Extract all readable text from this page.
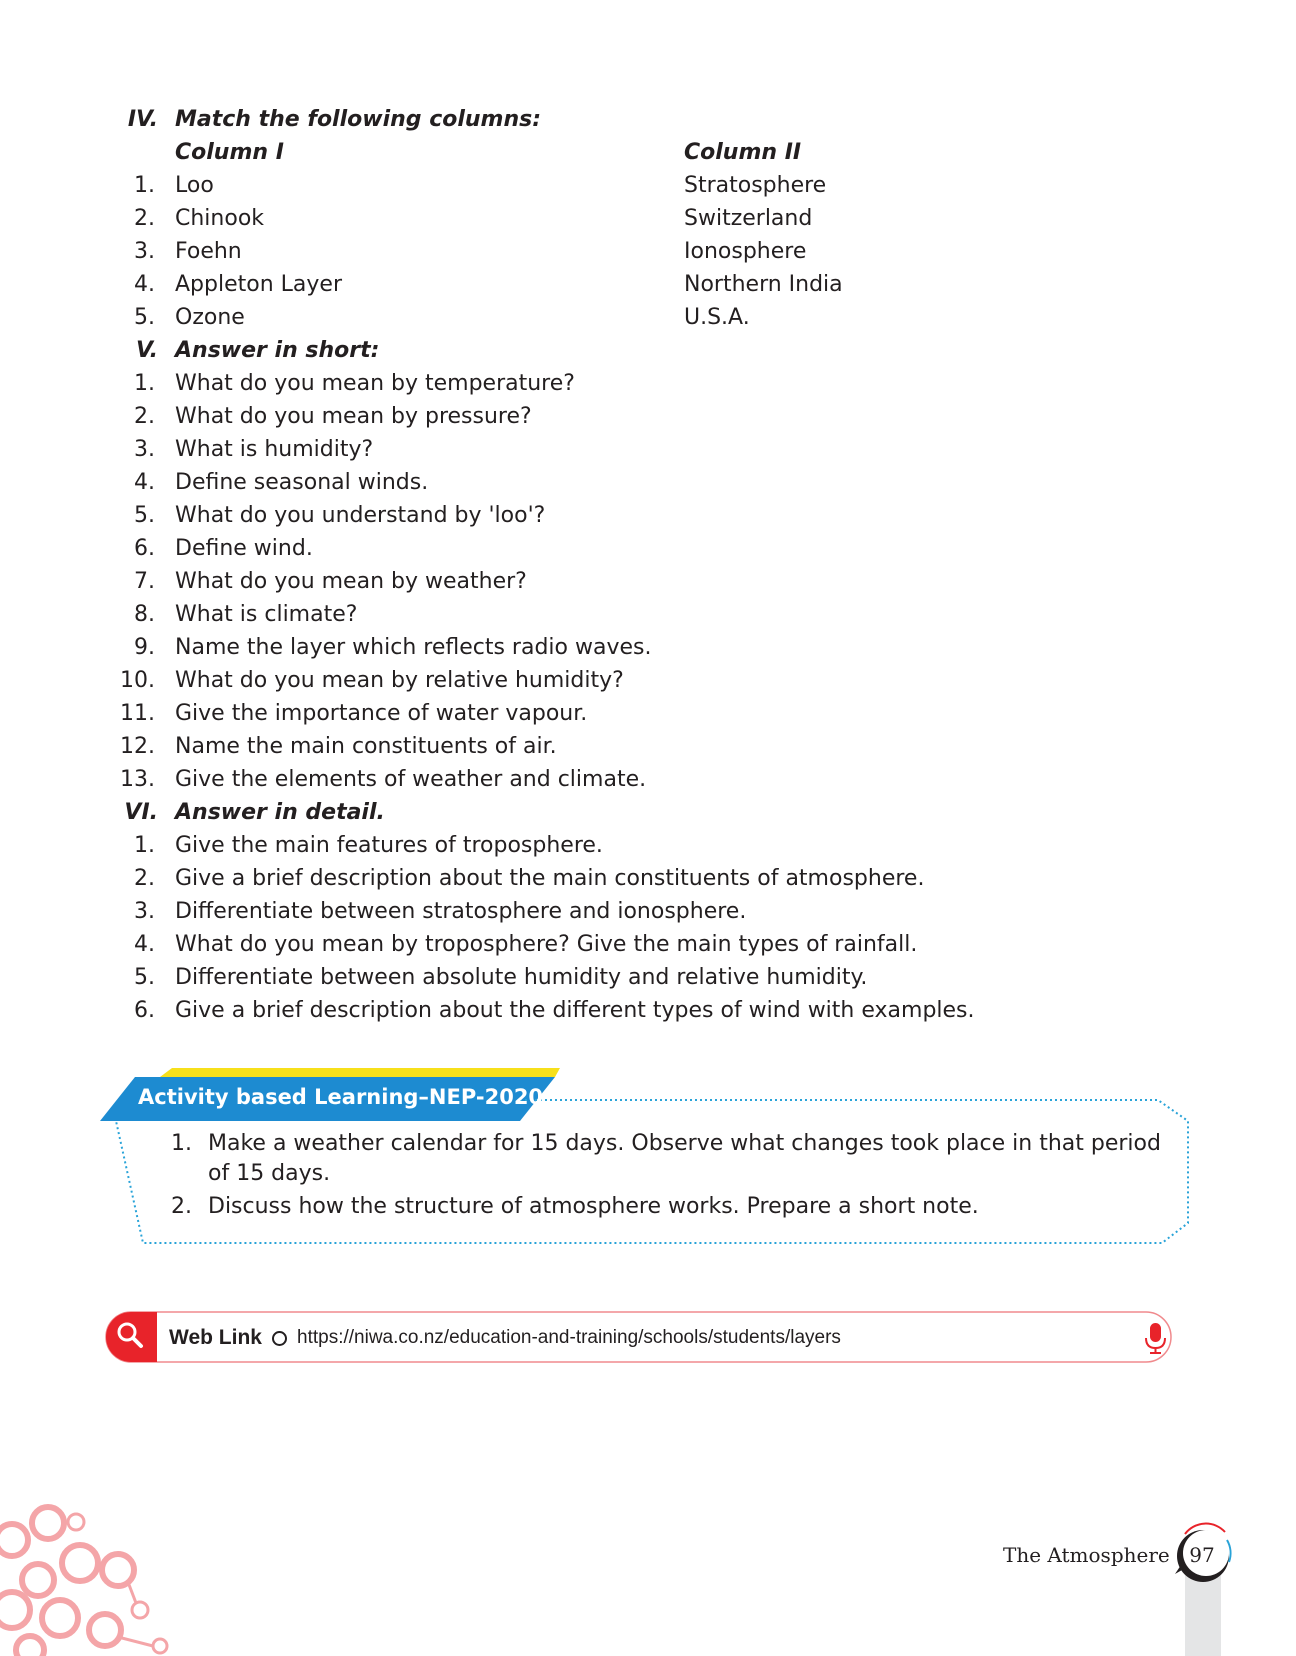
IV. Match the following columns:
Column I	Column II
1. Loo	Stratosphere
2. Chinook	Switzerland
3. Foehn	Ionosphere
4. Appleton Layer	Northern India
5. Ozone	U.S.A.
V. Answer in short:
1. What do you mean by temperature?
2. What do you mean by pressure?
3. What is humidity?
4. Define seasonal winds.
5. What do you understand by 'loo'?
6. Define wind.
7. What do you mean by weather?
8. What is climate?
9. Name the layer which reflects radio waves.
10. What do you mean by relative humidity?
11. Give the importance of water vapour.
12. Name the main constituents of air.
13. Give the elements of weather and climate.
VI. Answer in detail.
1. Give the main features of troposphere.
2. Give a brief description about the main constituents of atmosphere.
3. Differentiate between stratosphere and ionosphere.
4. What do you mean by troposphere? Give the main types of rainfall.
5. Differentiate between absolute humidity and relative humidity.
6. Give a brief description about the different types of wind with examples.
Activity based Learning–NEP-2020
1. Make a weather calendar for 15 days. Observe what changes took place in that period of 15 days.
2. Discuss how the structure of atmosphere works. Prepare a short note.
Web Link https://niwa.co.nz/education-and-training/schools/students/layers
The Atmosphere 97
